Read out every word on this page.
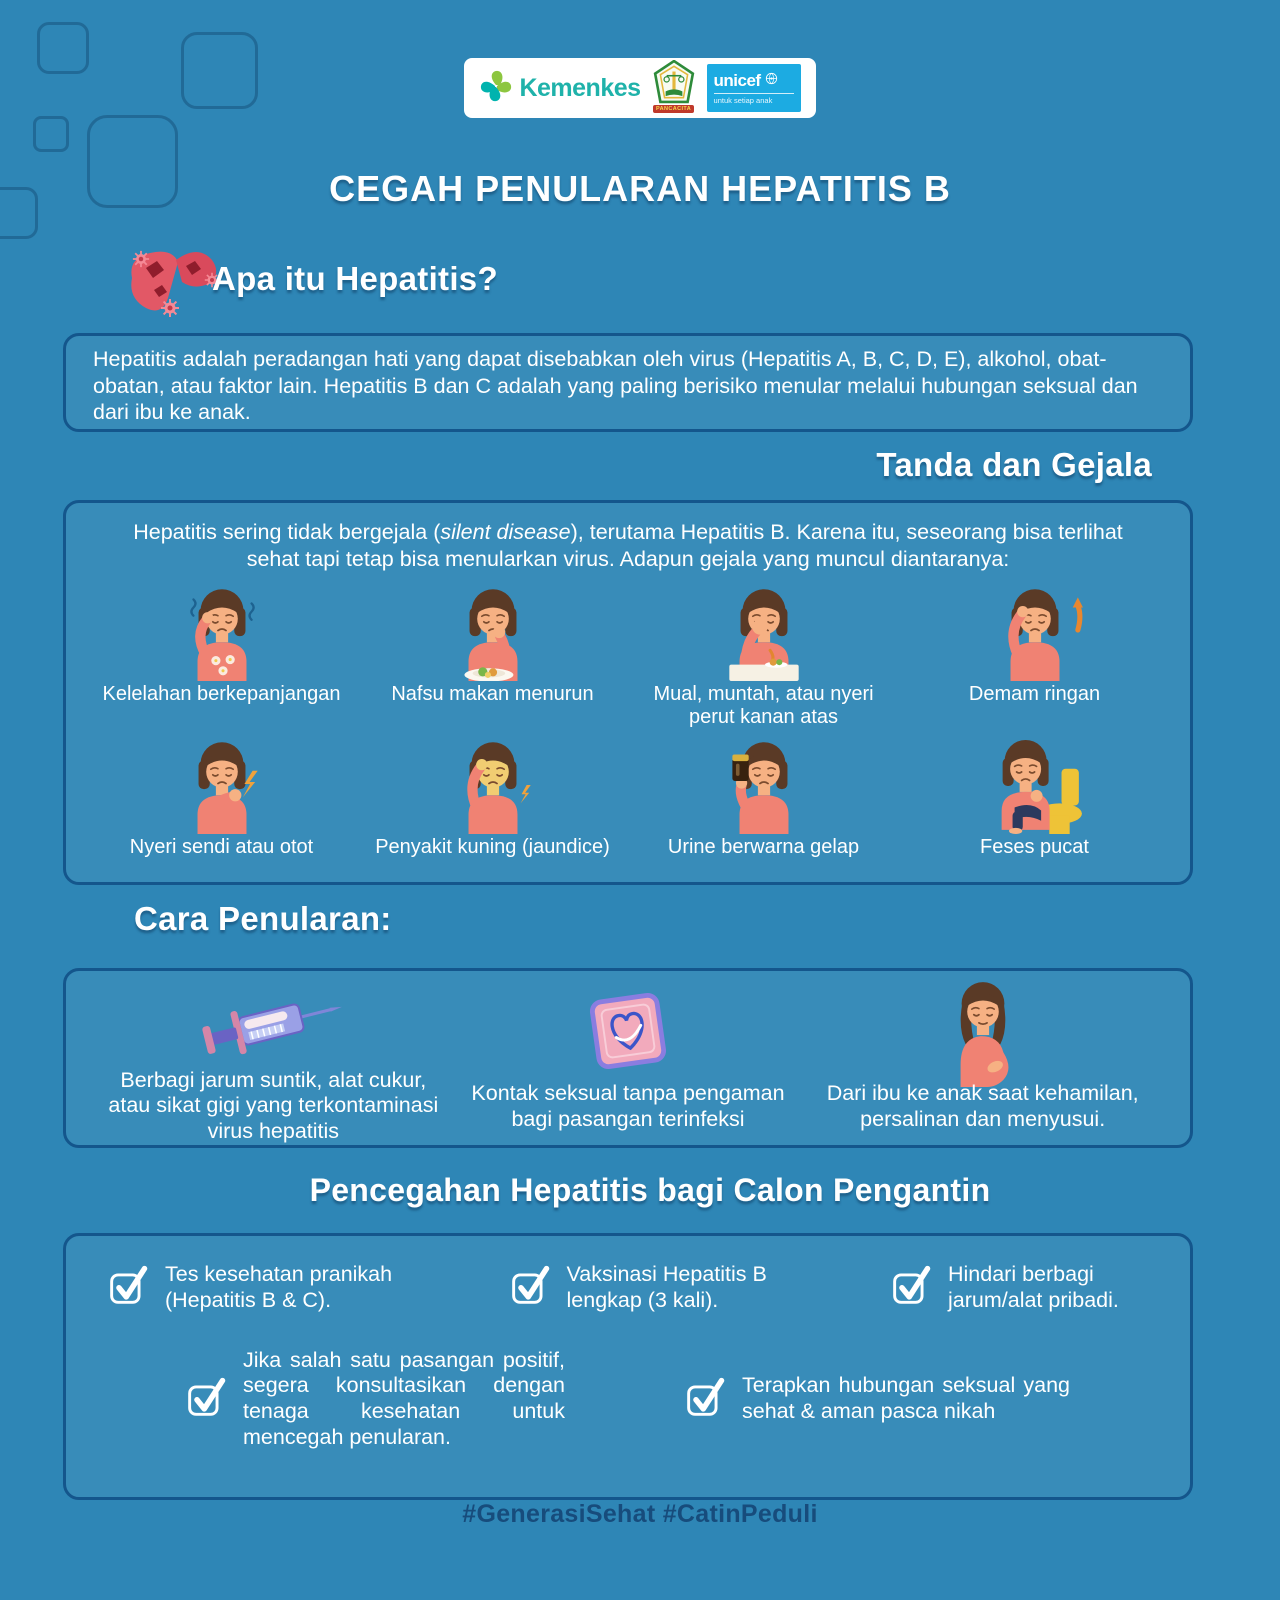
Kemenkes
PANCACITA
unicef
untuk setiap anak
CEGAH PENULARAN HEPATITIS B
Apa itu Hepatitis?

Hepatitis adalah peradangan hati yang dapat disebabkan oleh virus (Hepatitis A, B, C, D, E), alkohol, obat-obatan, atau faktor lain. Hepatitis B dan C adalah yang paling berisiko menular melalui hubungan seksual dan dari ibu ke anak.

Tanda dan Gejala

Hepatitis sering tidak bergejala (silent disease), terutama Hepatitis B. Karena itu, seseorang bisa terlihat sehat tapi tetap bisa menularkan virus. Adapun gejala yang muncul diantaranya:

Kelelahan berkepanjangan	Nafsu makan menurun	Mual, muntah, atau nyeri perut kanan atas

Demam ringan

Nyeri sendi atau otot	Penyakit kuning (jaundice)	Urine berwarna gelap	Feses pucat

Cara Penularan:

Berbagi jarum suntik, alat cukur, atau sikat gigi yang terkontaminasi virus hepatitis

Kontak seksual tanpa pengaman bagi pasangan terinfeksi

Dari ibu ke anak saat kehamilan, persalinan dan menyusui.

Pencegahan Hepatitis bagi Calon Pengantin

Tes kesehatan pranikah (Hepatitis B & C).

Vaksinasi Hepatitis B lengkap (3 kali).

Hindari berbagi jarum/alat pribadi.

Jika salah satu pasangan positif, segera konsultasikan dengan tenaga kesehatan untuk mencegah penularan.

Terapkan hubungan seksual yang sehat & aman pasca nikah

#GenerasiSehat #CatinPeduli
